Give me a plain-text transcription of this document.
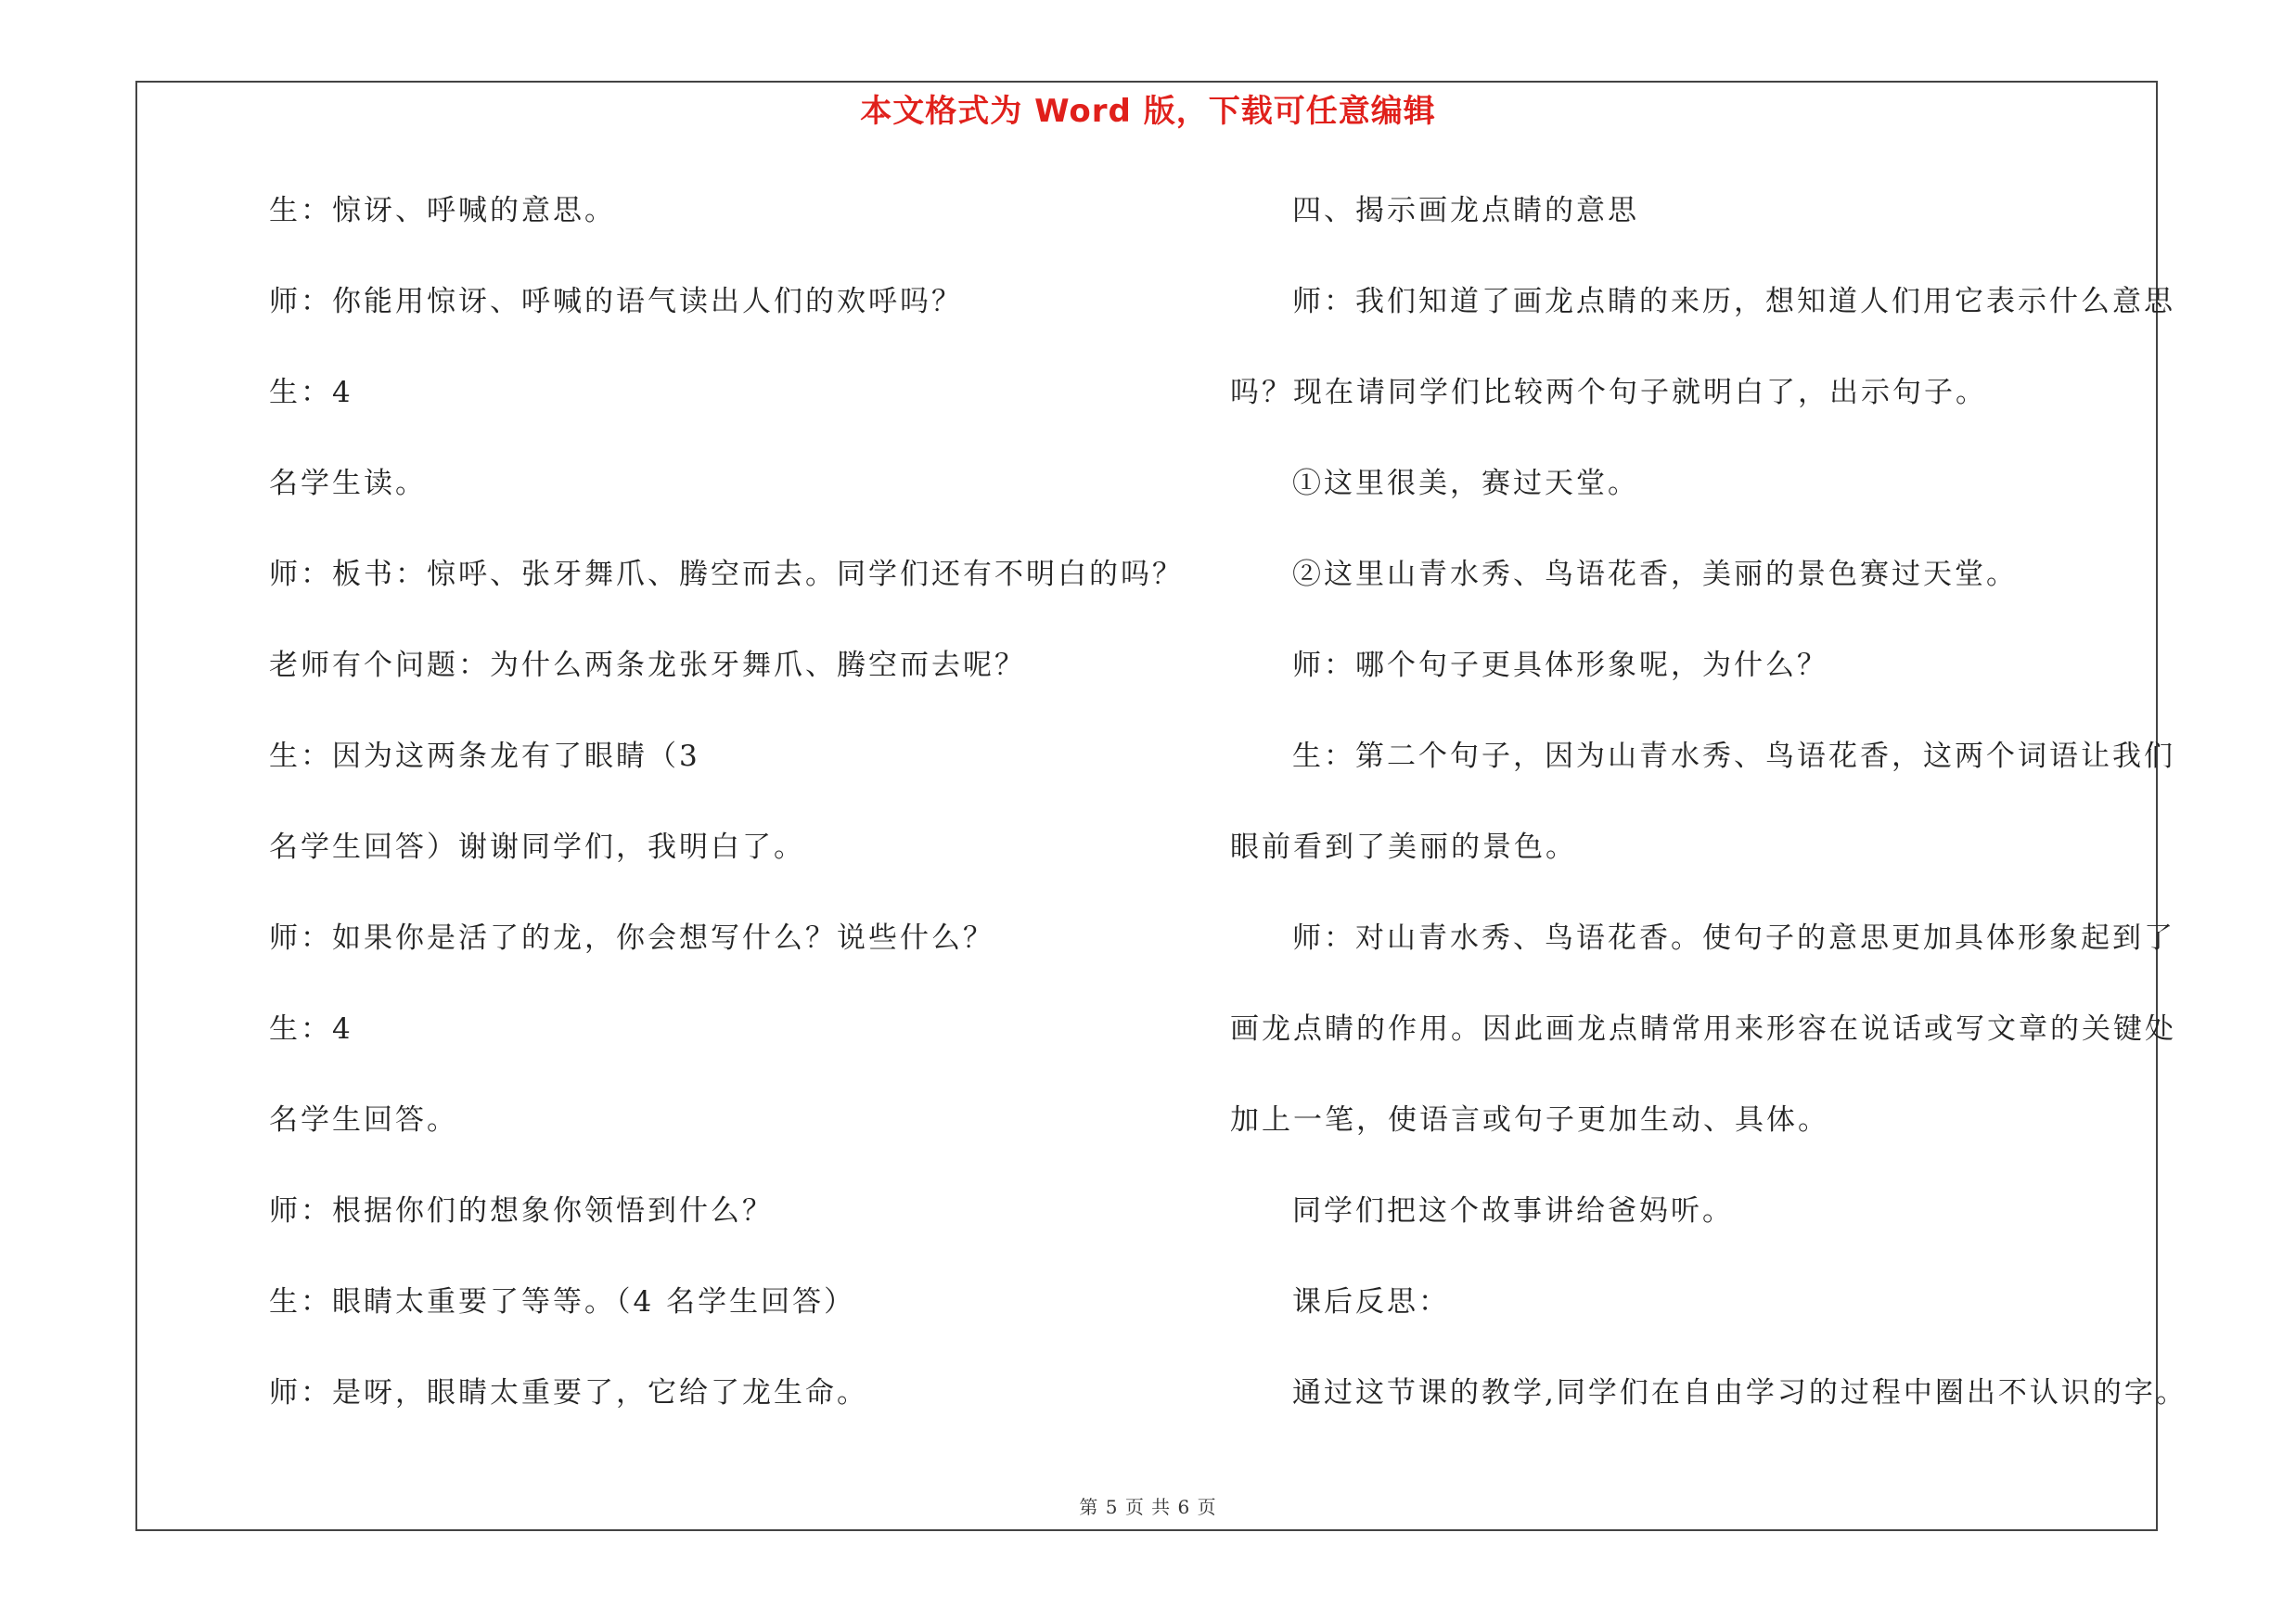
本文格式为 Word 版，下载可任意编辑
生：惊讶、呼喊的意思。
师：你能用惊讶、呼喊的语气读出人们的欢呼吗？
生：4
名学生读。
师：板书：惊呼、张牙舞爪、腾空而去。同学们还有不明白的吗？
老师有个问题：为什么两条龙张牙舞爪、腾空而去呢？
生：因为这两条龙有了眼睛（3
名学生回答）谢谢同学们，我明白了。
师：如果你是活了的龙，你会想写什么？说些什么？
生：4
名学生回答。
师：根据你们的想象你领悟到什么？
生：眼睛太重要了等等。（4 名学生回答）
师：是呀，眼睛太重要了，它给了龙生命。
四、揭示画龙点睛的意思
师：我们知道了画龙点睛的来历，想知道人们用它表示什么意思
吗？现在请同学们比较两个句子就明白了，出示句子。
①这里很美，赛过天堂。
②这里山青水秀、鸟语花香，美丽的景色赛过天堂。
师：哪个句子更具体形象呢，为什么？
生：第二个句子，因为山青水秀、鸟语花香，这两个词语让我们
眼前看到了美丽的景色。
师：对山青水秀、鸟语花香。使句子的意思更加具体形象起到了
画龙点睛的作用。因此画龙点睛常用来形容在说话或写文章的关键处
加上一笔，使语言或句子更加生动、具体。
同学们把这个故事讲给爸妈听。
课后反思：
通过这节课的教学,同学们在自由学习的过程中圈出不认识的字。
第 5 页 共 6 页
